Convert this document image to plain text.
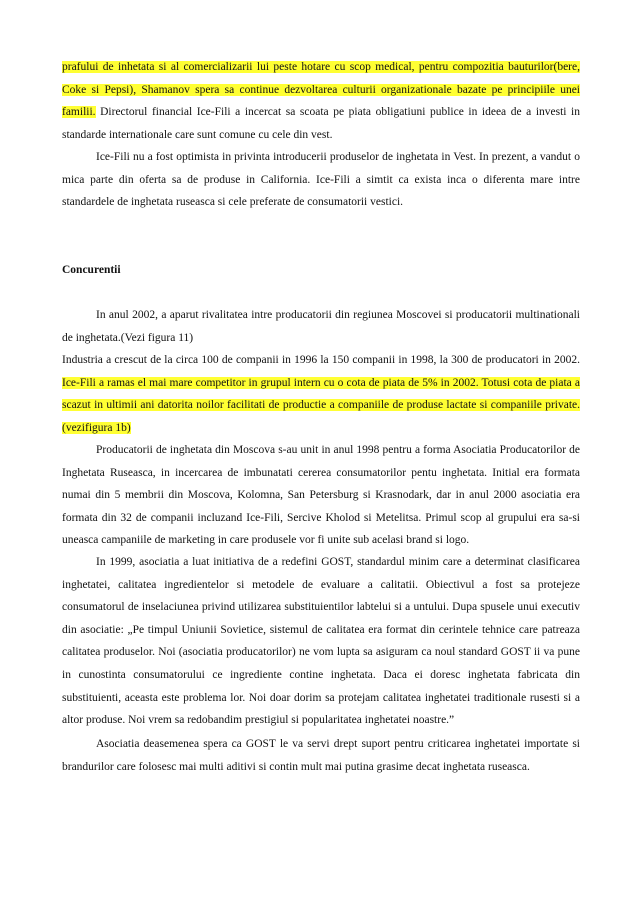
prafului de inhetata si al comercializarii lui peste hotare cu scop medical, pentru compozitia bauturilor(bere, Coke si Pepsi), Shamanov spera sa continue dezvoltarea culturii organizationale bazate pe principiile unei familii. Directorul financial Ice-Fili a incercat sa scoata pe piata obligatiuni publice in ideea de a investi in standarde internationale care sunt comune cu cele din vest.
Ice-Fili nu a fost optimista in privinta introducerii produselor de inghetata in Vest. In prezent, a vandut o mica parte din oferta sa de produse in California. Ice-Fili a simtit ca exista inca o diferenta mare intre standardele de inghetata ruseasca si cele preferate de consumatorii vestici.
Concurentii
In anul 2002, a aparut rivalitatea intre producatorii din regiunea Moscovei si producatorii multinationali de inghetata.(Vezi figura 11)
Industria a crescut de la circa 100 de companii in 1996 la 150 companii in 1998, la 300 de producatori in 2002. Ice-Fili a ramas el mai mare competitor in grupul intern cu o cota de piata de 5% in 2002. Totusi cota de piata a scazut in ultimii ani datorita noilor facilitati de productie a companiile de produse lactate si companiile private.(vezifigura 1b)
Producatorii de inghetata din Moscova s-au unit in anul 1998 pentru a forma Asociatia Producatorilor de Inghetata Ruseasca, in incercarea de imbunatati cererea consumatorilor pentu inghetata. Initial era formata numai din 5 membrii din Moscova, Kolomna, San Petersburg si Krasnodark, dar in anul 2000 asociatia era formata din 32 de companii incluzand Ice-Fili, Sercive Kholod si Metelitsa. Primul scop al grupului era sa-si uneasca campaniile de marketing in care produsele vor fi unite sub acelasi brand si logo.
In 1999, asociatia a luat initiativa de a redefini GOST, standardul minim care a determinat clasificarea inghetatei, calitatea ingredientelor si metodele de evaluare a calitatii. Obiectivul a fost sa protejeze consumatorul de inselaciunea privind utilizarea substituientilor labtelui si a untului. Dupa spusele unui executiv din asociatie: „Pe timpul Uniunii Sovietice, sistemul de calitatea era format din cerintele tehnice care patreaza calitatea produselor. Noi (asociatia producatorilor) ne vom lupta sa asiguram ca noul standard GOST ii va pune in cunostinta consumatorului ce ingrediente contine inghetata. Daca ei doresc inghetata fabricata din substituienti, aceasta este problema lor. Noi doar dorim sa protejam calitatea inghetatei traditionale rusesti si a altor produse. Noi vrem sa redobandim prestigiul si popularitatea inghetatei noastre.”
Asociatia deasemenea spera ca GOST le va servi drept suport pentru criticarea inghetatei importate si brandurilor care folosesc mai multi aditivi si contin mult mai putina grasime decat inghetata ruseasca.
